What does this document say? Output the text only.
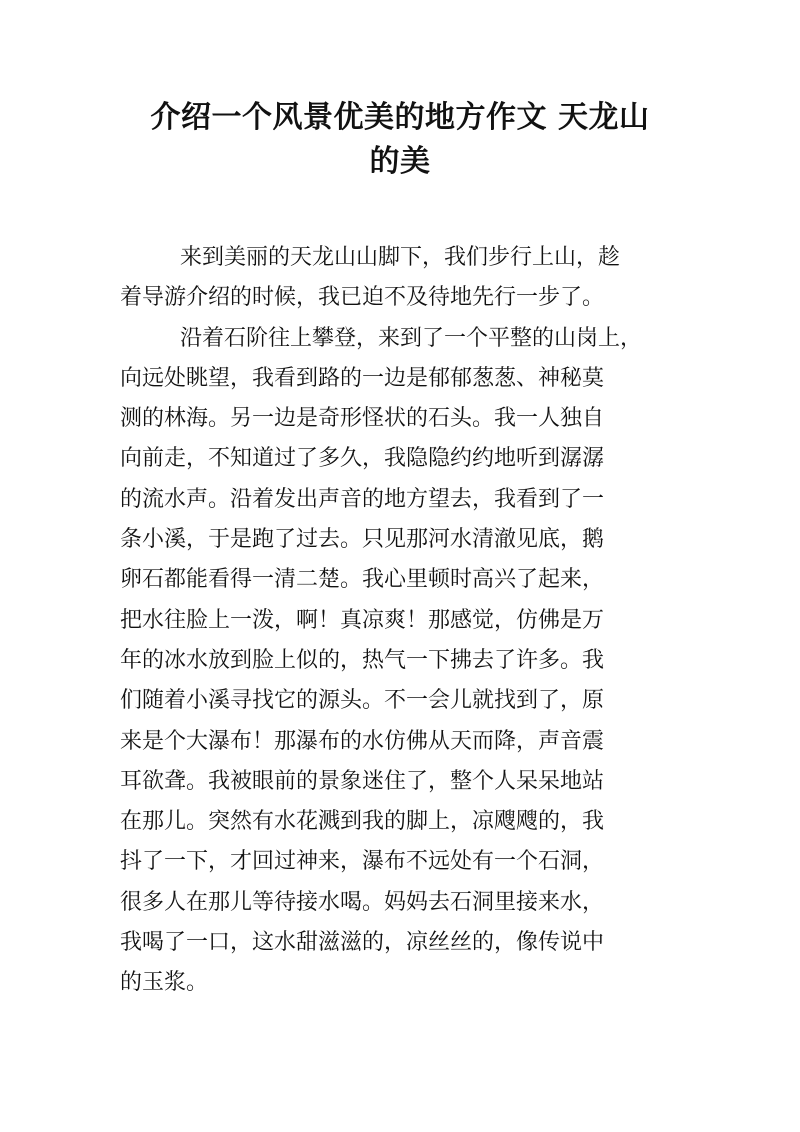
介绍一个风景优美的地方作文 天龙山
的美
来到美丽的天龙山山脚下，我们步行上山，趁
着导游介绍的时候，我已迫不及待地先行一步了。
沿着石阶往上攀登，来到了一个平整的山岗上，
向远处眺望，我看到路的一边是郁郁葱葱、神秘莫
测的林海。另一边是奇形怪状的石头。我一人独自
向前走，不知道过了多久，我隐隐约约地听到潺潺
的流水声。沿着发出声音的地方望去，我看到了一
条小溪，于是跑了过去。只见那河水清澈见底，鹅
卵石都能看得一清二楚。我心里顿时高兴了起来，
把水往脸上一泼，啊！真凉爽！那感觉，仿佛是万
年的冰水放到脸上似的，热气一下拂去了许多。我
们随着小溪寻找它的源头。不一会儿就找到了，原
来是个大瀑布！那瀑布的水仿佛从天而降，声音震
耳欲聋。我被眼前的景象迷住了，整个人呆呆地站
在那儿。突然有水花溅到我的脚上，凉飕飕的，我
抖了一下，才回过神来，瀑布不远处有一个石洞，
很多人在那儿等待接水喝。妈妈去石洞里接来水，
我喝了一口，这水甜滋滋的，凉丝丝的，像传说中
的玉浆。
